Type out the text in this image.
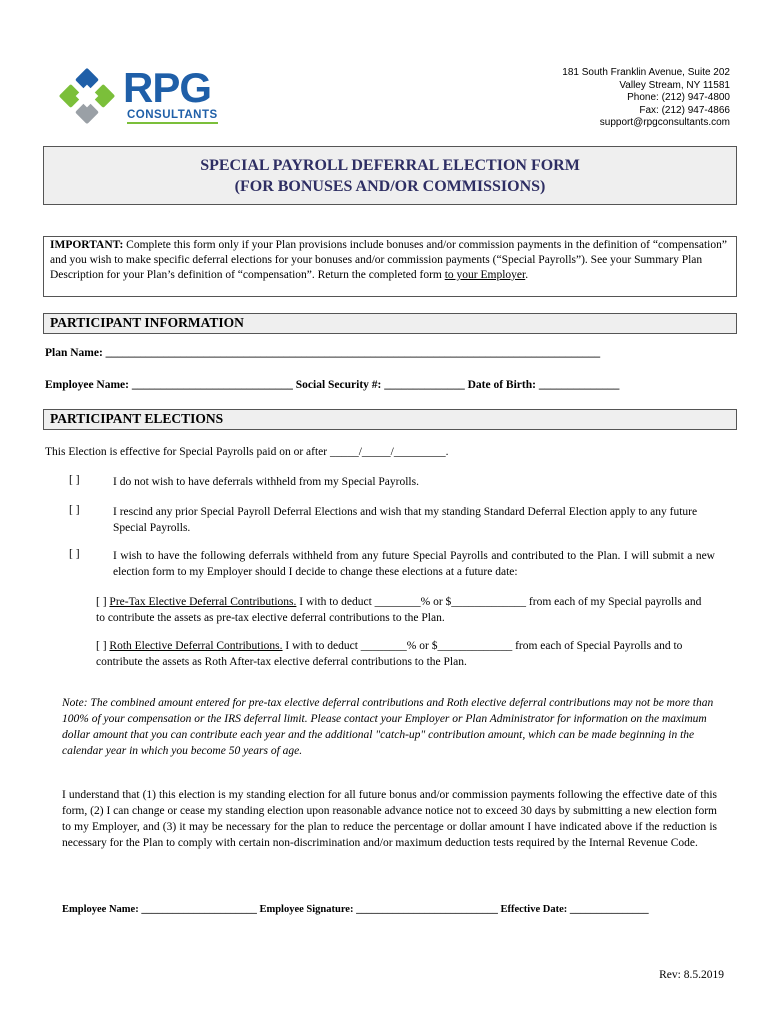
RPG
CONSULTANTS
181 South Franklin Avenue, Suite 202
Valley Stream, NY 11581
Phone: (212) 947-4800
Fax: (212) 947-4866
support@rpgconsultants.com
SPECIAL PAYROLL DEFERRAL ELECTION FORM
(FOR BONUSES AND/OR COMMISSIONS)
IMPORTANT: Complete this form only if your Plan provisions include bonuses and/or commission payments in the definition of “compensation” and you wish to make specific deferral elections for your bonuses and/or commission payments (“Special Payrolls”). See your Summary Plan Description for your Plan’s definition of “compensation”. Return the completed form to your Employer.
PARTICIPANT INFORMATION
Plan Name: ______________________________________________________________________________________
Employee Name: ____________________________ Social Security #: ______________ Date of Birth: ______________
PARTICIPANT ELECTIONS
This Election is effective for Special Payrolls paid on or after _____/_____/_________.
[ ]	I do not wish to have deferrals withheld from my Special Payrolls.
[ ]	I rescind any prior Special Payroll Deferral Elections and wish that my standing Standard Deferral Election apply to any future Special Payrolls.
[ ]	I wish to have the following deferrals withheld from any future Special Payrolls and contributed to the Plan. I will submit a new election form to my Employer should I decide to change these elections at a future date:
[ ] Pre-Tax Elective Deferral Contributions. I with to deduct ________% or $_____________ from each of my Special payrolls and to contribute the assets as pre-tax elective deferral contributions to the Plan.
[ ] Roth Elective Deferral Contributions. I with to deduct ________% or $_____________ from each of Special Payrolls and to contribute the assets as Roth After-tax elective deferral contributions to the Plan.
Note: The combined amount entered for pre-tax elective deferral contributions and Roth elective deferral contributions may not be more than 100% of your compensation or the IRS deferral limit. Please contact your Employer or Plan Administrator for information on the maximum dollar amount that you can contribute each year and the additional "catch-up" contribution amount, which can be made beginning in the calendar year in which you become 50 years of age.
I understand that (1) this election is my standing election for all future bonus and/or commission payments following the effective date of this form, (2) I can change or cease my standing election upon reasonable advance notice not to exceed 30 days by submitting a new election form to my Employer, and (3) it may be necessary for the plan to reduce the percentage or dollar amount I have indicated above if the reduction is necessary for the Plan to comply with certain non-discrimination and/or maximum deduction tests required by the Internal Revenue Code.
Employee Name: ______________________ Employee Signature: ___________________________ Effective Date: _______________
Rev: 8.5.2019
